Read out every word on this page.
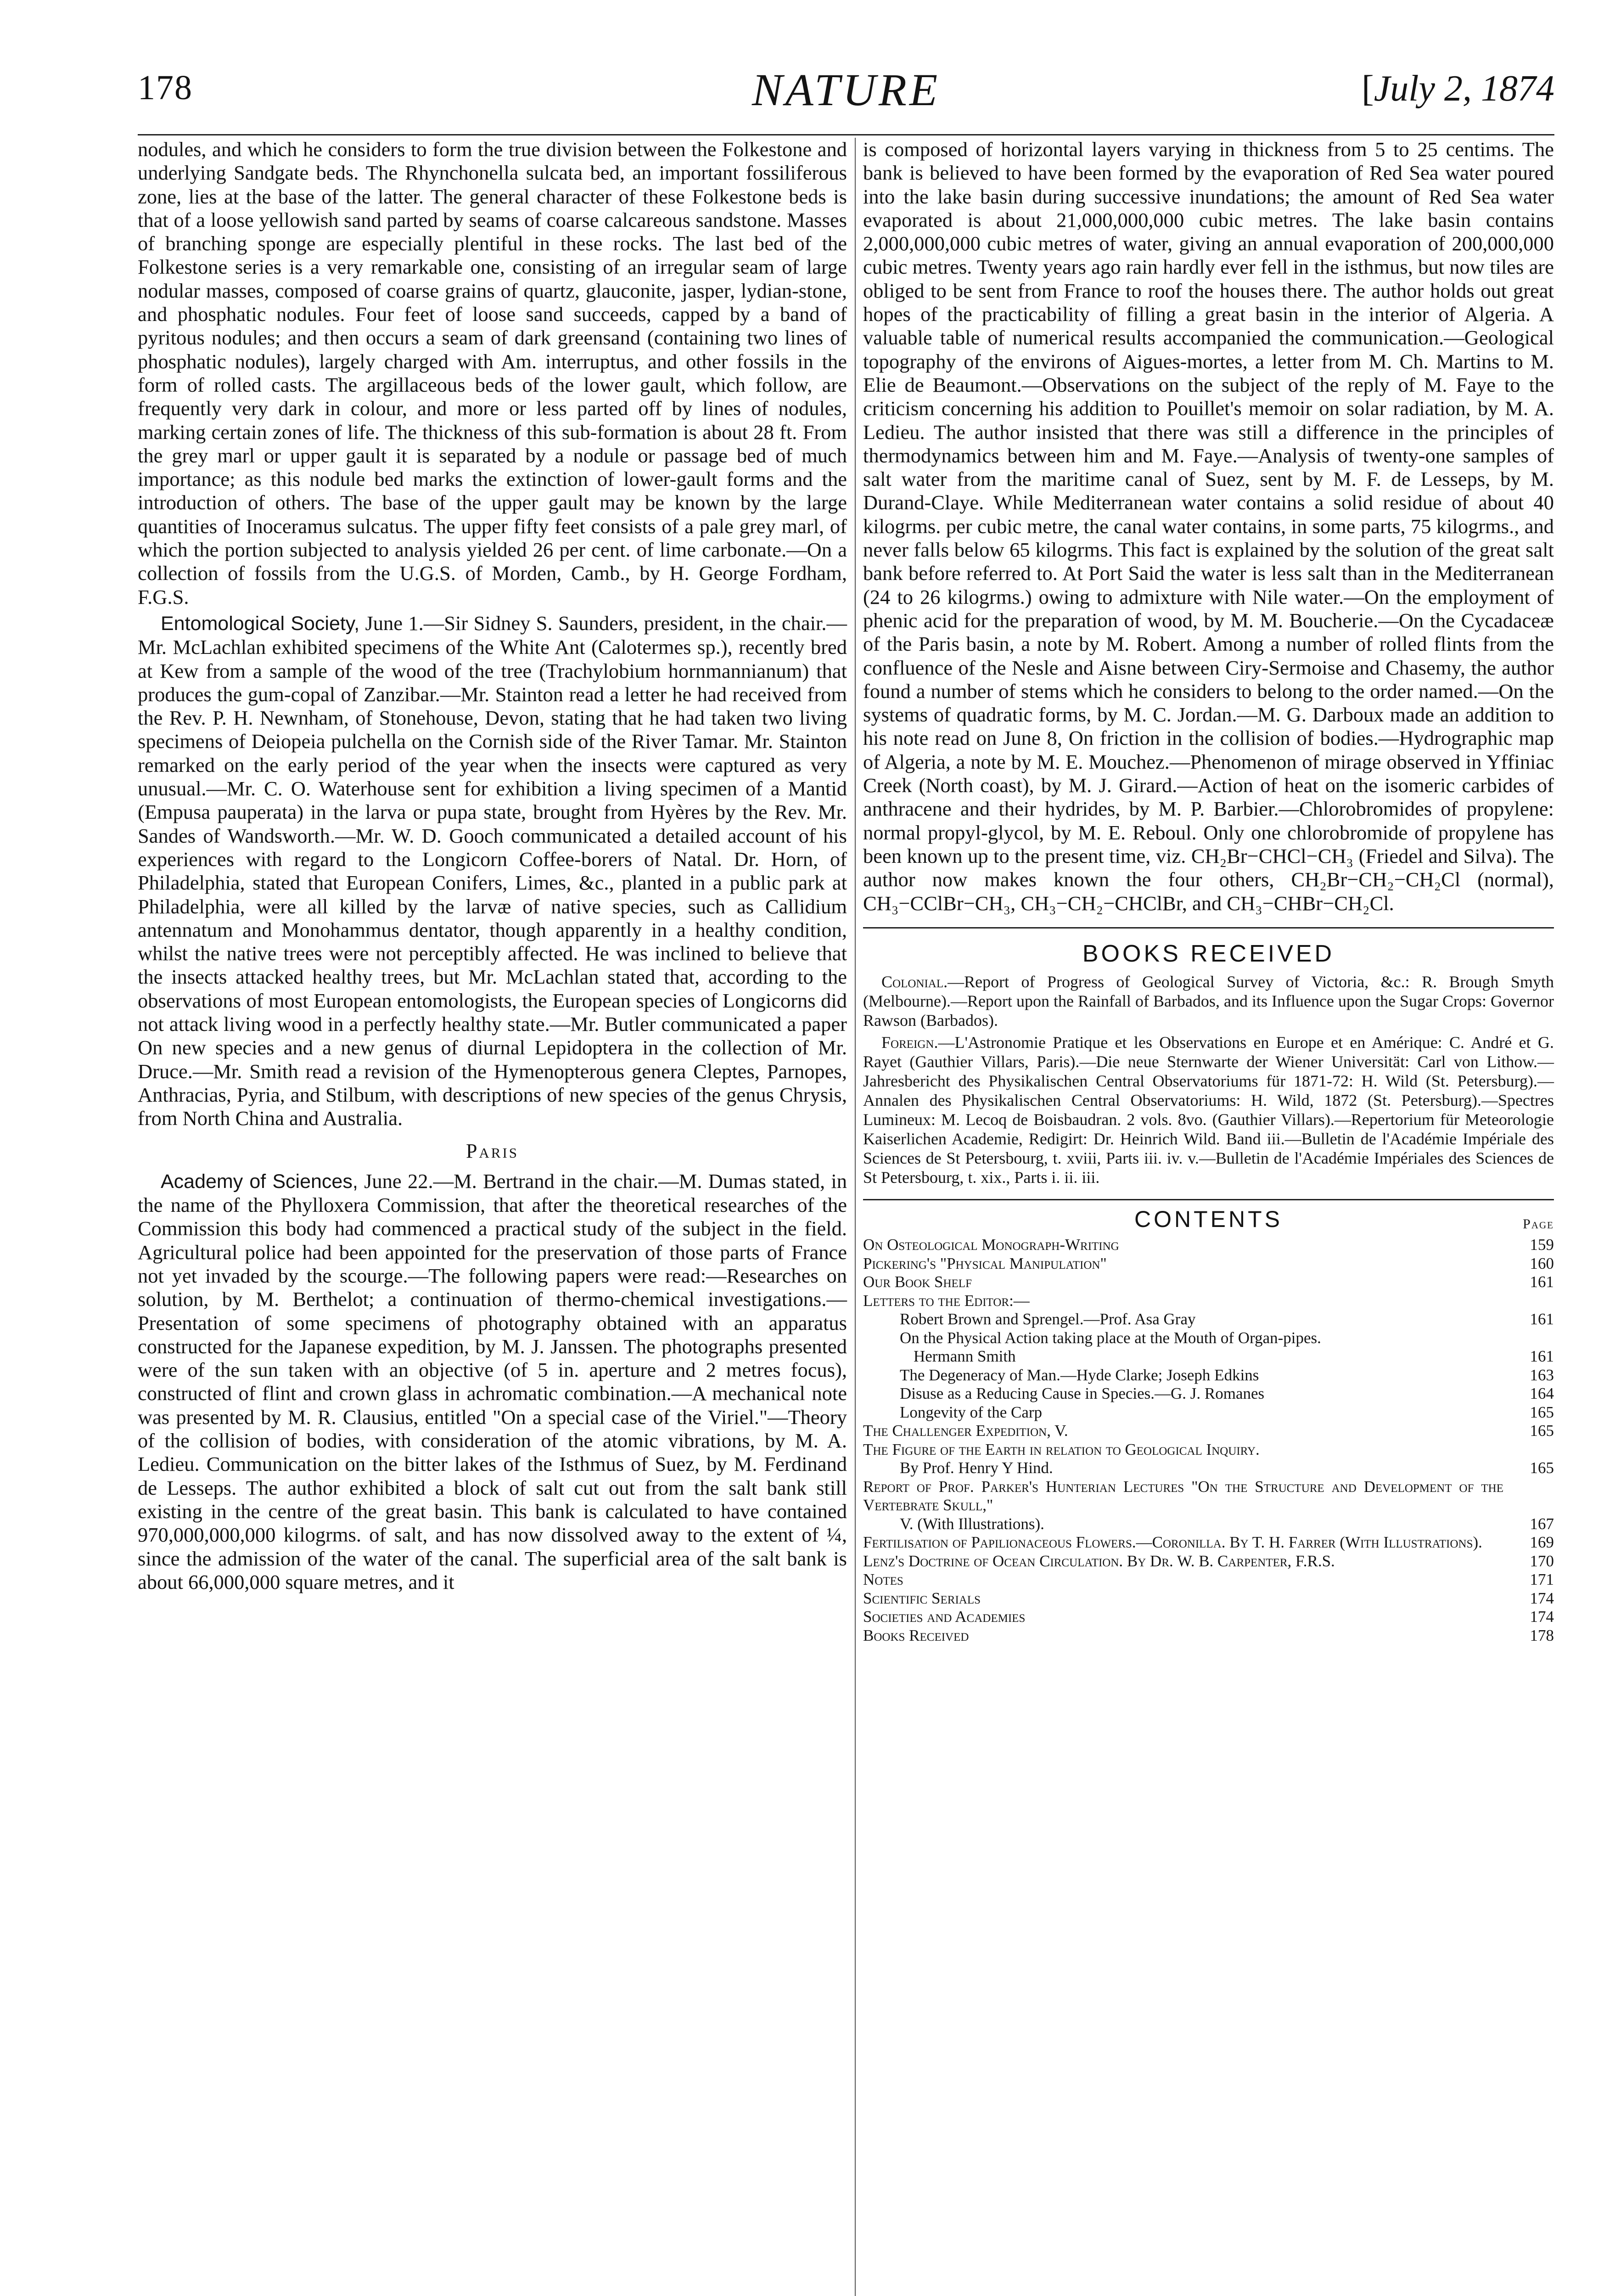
178	NATURE	[July 2, 1874

nodules, and which he considers to form the true division between the Folkestone and underlying Sandgate beds. The Rhynchonella sulcata bed, an important fossiliferous zone, lies at the base of the latter. The general character of these Folkestone beds is that of a loose yellowish sand parted by seams of coarse calcareous sandstone. Masses of branching sponge are especially plentiful in these rocks. The last bed of the Folkestone series is a very remarkable one, consisting of an irregular seam of large nodular masses, composed of coarse grains of quartz, glauconite, jasper, lydian-stone, and phosphatic nodules. Four feet of loose sand succeeds, capped by a band of pyritous nodules; and then occurs a seam of dark greensand (containing two lines of phosphatic nodules), largely charged with Am. interruptus, and other fossils in the form of rolled casts. The argillaceous beds of the lower gault, which follow, are frequently very dark in colour, and more or less parted off by lines of nodules, marking certain zones of life. The thickness of this sub-formation is about 28 ft. From the grey marl or upper gault it is separated by a nodule or passage bed of much importance; as this nodule bed marks the extinction of lower-gault forms and the introduction of others. The base of the upper gault may be known by the large quantities of Inoceramus sulcatus. The upper fifty feet consists of a pale grey marl, of which the portion subjected to analysis yielded 26 per cent. of lime carbonate.—On a collection of fossils from the U.G.S. of Morden, Camb., by H. George Fordham, F.G.S.

Entomological Society, June 1.—Sir Sidney S. Saunders, president, in the chair.—Mr. McLachlan exhibited specimens of the White Ant (Calotermes sp.), recently bred at Kew from a sample of the wood of the tree (Trachylobium hornmannianum) that produces the gum-copal of Zanzibar.—Mr. Stainton read a letter he had received from the Rev. P. H. Newnham, of Stonehouse, Devon, stating that he had taken two living specimens of Deiopeia pulchella on the Cornish side of the River Tamar. Mr. Stainton remarked on the early period of the year when the insects were captured as very unusual.—Mr. C. O. Waterhouse sent for exhibition a living specimen of a Mantid (Empusa pauperata) in the larva or pupa state, brought from Hyères by the Rev. Mr. Sandes of Wandsworth.—Mr. W. D. Gooch communicated a detailed account of his experiences with regard to the Longicorn Coffee-borers of Natal. Dr. Horn, of Philadelphia, stated that European Conifers, Limes, &c., planted in a public park at Philadelphia, were all killed by the larvæ of native species, such as Callidium antennatum and Monohammus dentator, though apparently in a healthy condition, whilst the native trees were not perceptibly affected. He was inclined to believe that the insects attacked healthy trees, but Mr. McLachlan stated that, according to the observations of most European entomologists, the European species of Longicorns did not attack living wood in a perfectly healthy state.—Mr. Butler communicated a paper On new species and a new genus of diurnal Lepidoptera in the collection of Mr. Druce.—Mr. Smith read a revision of the Hymenopterous genera Cleptes, Parnopes, Anthracias, Pyria, and Stilbum, with descriptions of new species of the genus Chrysis, from North China and Australia.

Paris

Academy of Sciences, June 22.—M. Bertrand in the chair.—M. Dumas stated, in the name of the Phylloxera Commission, that after the theoretical researches of the Commission this body had commenced a practical study of the subject in the field. Agricultural police had been appointed for the preservation of those parts of France not yet invaded by the scourge.—The following papers were read:—Researches on solution, by M. Berthelot; a continuation of thermo-chemical investigations.—Presentation of some specimens of photography obtained with an apparatus constructed for the Japanese expedition, by M. J. Janssen. The photographs presented were of the sun taken with an objective (of 5 in. aperture and 2 metres focus), constructed of flint and crown glass in achromatic combination.—A mechanical note was presented by M. R. Clausius, entitled "On a special case of the Viriel."—Theory of the collision of bodies, with consideration of the atomic vibrations, by M. A. Ledieu. Communication on the bitter lakes of the Isthmus of Suez, by M. Ferdinand de Lesseps. The author exhibited a block of salt cut out from the salt bank still existing in the centre of the great basin. This bank is calculated to have contained 970,000,000,000 kilogrms. of salt, and has now dissolved away to the extent of ¼, since the admission of the water of the canal. The superficial area of the salt bank is about 66,000,000 square metres, and it

is composed of horizontal layers varying in thickness from 5 to 25 centims. The bank is believed to have been formed by the evaporation of Red Sea water poured into the lake basin during successive inundations; the amount of Red Sea water evaporated is about 21,000,000,000 cubic metres. The lake basin contains 2,000,000,000 cubic metres of water, giving an annual evaporation of 200,000,000 cubic metres. Twenty years ago rain hardly ever fell in the isthmus, but now tiles are obliged to be sent from France to roof the houses there. The author holds out great hopes of the practicability of filling a great basin in the interior of Algeria. A valuable table of numerical results accompanied the communication.—Geological topography of the environs of Aigues-mortes, a letter from M. Ch. Martins to M. Elie de Beaumont.—Observations on the subject of the reply of M. Faye to the criticism concerning his addition to Pouillet's memoir on solar radiation, by M. A. Ledieu. The author insisted that there was still a difference in the principles of thermodynamics between him and M. Faye.—Analysis of twenty-one samples of salt water from the maritime canal of Suez, sent by M. F. de Lesseps, by M. Durand-Claye. While Mediterranean water contains a solid residue of about 40 kilogrms. per cubic metre, the canal water contains, in some parts, 75 kilogrms., and never falls below 65 kilogrms. This fact is explained by the solution of the great salt bank before referred to. At Port Said the water is less salt than in the Mediterranean (24 to 26 kilogrms.) owing to admixture with Nile water.—On the employment of phenic acid for the preparation of wood, by M. M. Boucherie.—On the Cycadaceæ of the Paris basin, a note by M. Robert. Among a number of rolled flints from the confluence of the Nesle and Aisne between Ciry-Sermoise and Chasemy, the author found a number of stems which he considers to belong to the order named.—On the systems of quadratic forms, by M. C. Jordan.—M. G. Darboux made an addition to his note read on June 8, On friction in the collision of bodies.—Hydrographic map of Algeria, a note by M. E. Mouchez.—Phenomenon of mirage observed in Yffiniac Creek (North coast), by M. J. Girard.—Action of heat on the isomeric carbides of anthracene and their hydrides, by M. P. Barbier.—Chlorobromides of propylene: normal propyl-glycol, by M. E. Reboul. Only one chlorobromide of propylene has been known up to the present time, viz. CH₂Br−CHCl−CH₃ (Friedel and Silva). The author now makes known the four others, CH₂Br−CH₂−CH₂Cl (normal), CH₃−CClBr−CH₃, CH₃−CH₂−CHClBr, and CH₃−CHBr−CH₂Cl.

BOOKS RECEIVED

Colonial.—Report of Progress of Geological Survey of Victoria, &c.: R. Brough Smyth (Melbourne).—Report upon the Rainfall of Barbados, and its Influence upon the Sugar Crops: Governor Rawson (Barbados).

Foreign.—L'Astronomie Pratique et les Observations en Europe et en Amérique: C. André et G. Rayet (Gauthier Villars, Paris).—Die neue Sternwarte der Wiener Universität: Carl von Lithow.—Jahresbericht des Physikalischen Central Observatoriums für 1871-72: H. Wild (St. Petersburg).—Annalen des Physikalischen Central Observatoriums: H. Wild, 1872 (St. Petersburg).—Spectres Lumineux: M. Lecoq de Boisbaudran. 2 vols. 8vo. (Gauthier Villars).—Repertorium für Meteorologie Kaiserlichen Academie, Redigirt: Dr. Heinrich Wild. Band iii.—Bulletin de l'Académie Impériale des Sciences de St Petersbourg, t. xviii, Parts iii. iv. v.—Bulletin de l'Académie Impériales des Sciences de St Petersbourg, t. xix., Parts i. ii. iii.

CONTENTS	Page
On Osteological Monograph-Writing	159
Pickering's "Physical Manipulation"	160
Our Book Shelf	161
Letters to the Editor:—
Robert Brown and Sprengel.—Prof. Asa Gray	161
On the Physical Action taking place at the Mouth of Organ-pipes.
Hermann Smith	161
The Degeneracy of Man.—Hyde Clarke; Joseph Edkins	163
Disuse as a Reducing Cause in Species.—G. J. Romanes	164
Longevity of the Carp	165
The Challenger Expedition, V.	165
The Figure of the Earth in relation to Geological Inquiry.
By Prof. Henry Y Hind.	165
Report of Prof. Parker's Hunterian Lectures "On the Structure and Development of the Vertebrate Skull,"
V. (With Illustrations).	167
Fertilisation of Papilionaceous Flowers.—Coronilla. By T. H. Farrer (With Illustrations).	169
Lenz's Doctrine of Ocean Circulation. By Dr. W. B. Carpenter, F.R.S.	170
Notes	171
Scientific Serials	174
Societies and Academies	174
Books Received	178
